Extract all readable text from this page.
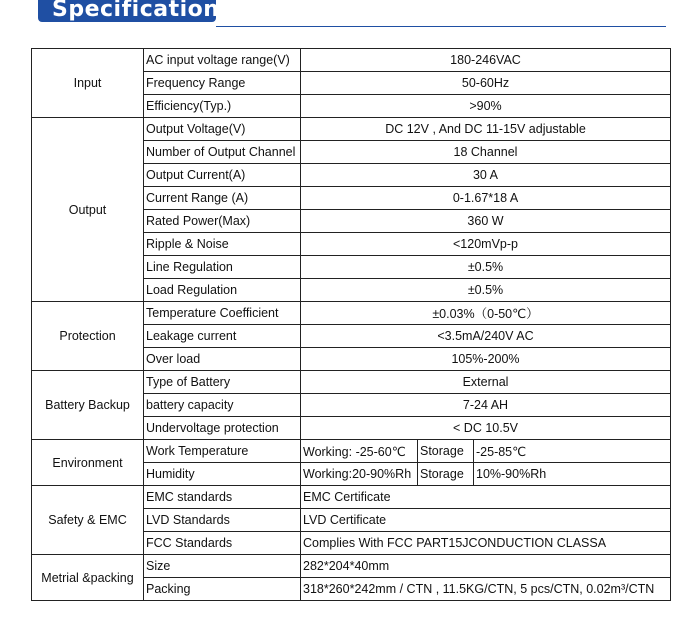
Specification
Input	AC input voltage range(V)	180-246VAC		
	Frequency Range	50-60Hz		
	Efficiency(Typ.)	>90%		
Output	Output Voltage(V)	DC 12V , And DC 11-15V adjustable		
	Number of Output Channel	18 Channel		
	Output Current(A)	30 A		
	Current Range (A)	0-1.67*18 A		
	Rated Power(Max)	360 W		
	Ripple & Noise	<120mVp-p		
	Line Regulation	±0.5%		
	Load Regulation	±0.5%		
Protection	Temperature Coefficient	±0.03%（0-50℃）		
	Leakage current	<3.5mA/240V AC		
	Over load	105%-200%		
Battery Backup	Type of Battery	External		
	battery capacity	7-24 AH		
	Undervoltage protection	< DC 10.5V		
Environment	Work Temperature	Working: -25-60℃	Storage	-25-85℃
	Humidity	Working:20-90%Rh	Storage	10%-90%Rh
Safety & EMC	EMC standards	EMC Certificate		
	LVD Standards	LVD Certificate		
	FCC Standards	Complies With FCC PART15JCONDUCTION CLASSA		
Metrial &packing	Size	282*204*40mm		
	Packing	318*260*242mm / CTN , 11.5KG/CTN, 5 pcs/CTN, 0.02m³/CTN		
